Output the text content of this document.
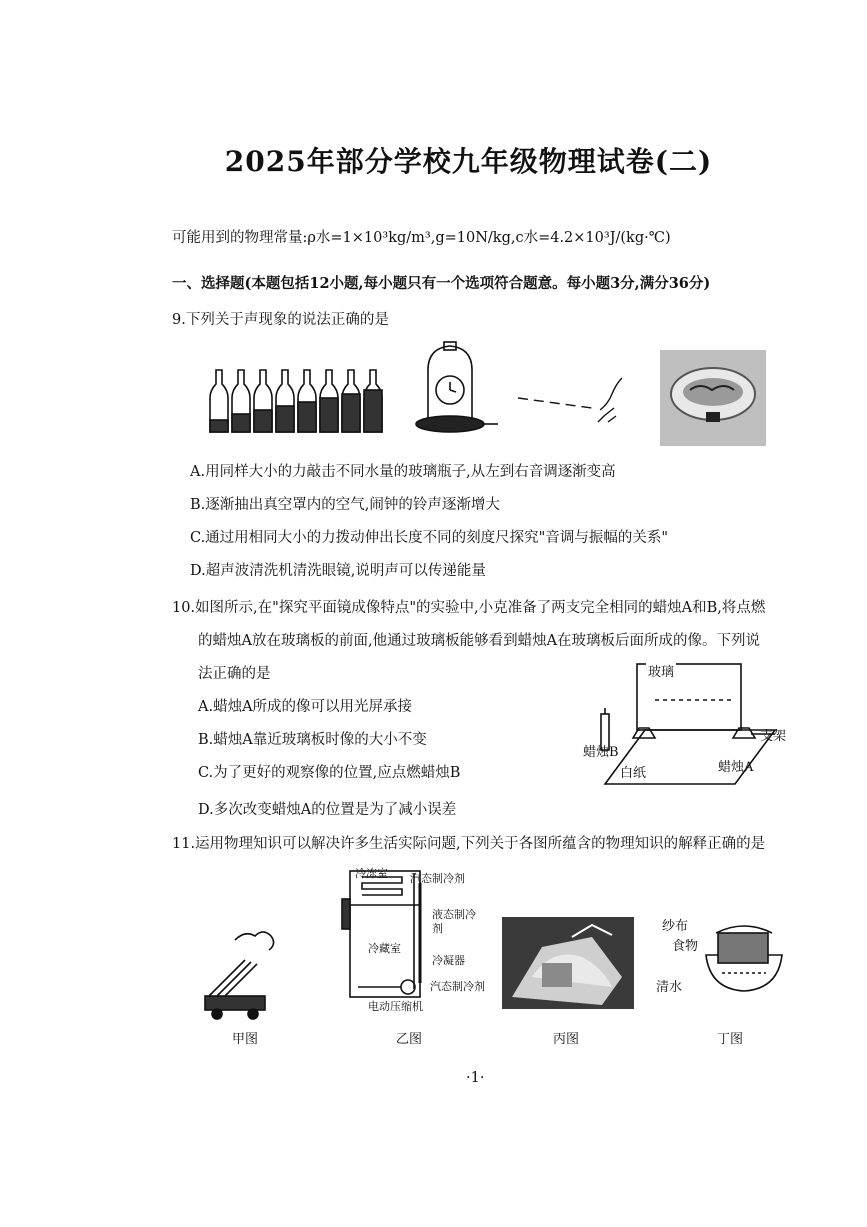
2025年部分学校九年级物理试卷(二)
可能用到的物理常量:ρ水=1×10³kg/m³,g=10N/kg,c水=4.2×10³J/(kg·℃)
一、选择题(本题包括12小题,每小题只有一个选项符合题意。每小题3分,满分36分)
9.下列关于声现象的说法正确的是
A.用同样大小的力敲击不同水量的玻璃瓶子,从左到右音调逐渐变高
B.逐渐抽出真空罩内的空气,闹钟的铃声逐渐增大
C.通过用相同大小的力拨动伸出长度不同的刻度尺探究"音调与振幅的关系"
D.超声波清洗机清洗眼镜,说明声可以传递能量
10.如图所示,在"探究平面镜成像特点"的实验中,小克准备了两支完全相同的蜡烛A和B,将点燃
的蜡烛A放在玻璃板的前面,他通过玻璃板能够看到蜡烛A在玻璃板后面所成的像。下列说
法正确的是
A.蜡烛A所成的像可以用光屏承接
B.蜡烛A靠近玻璃板时像的大小不变
C.为了更好的观察像的位置,应点燃蜡烛B
D.多次改变蜡烛A的位置是为了减小误差
玻璃
蜡烛B
支架
白纸	蜡烛A
11.运用物理知识可以解决许多生活实际问题,下列关于各图所蕴含的物理知识的解释正确的是
冷冻室 汽态制冷剂
液态制冷剂
冷藏室
冷凝器
汽态制冷剂
电动压缩机
纱布
食物
清水
甲图	乙图	丙图	丁图
·1·
